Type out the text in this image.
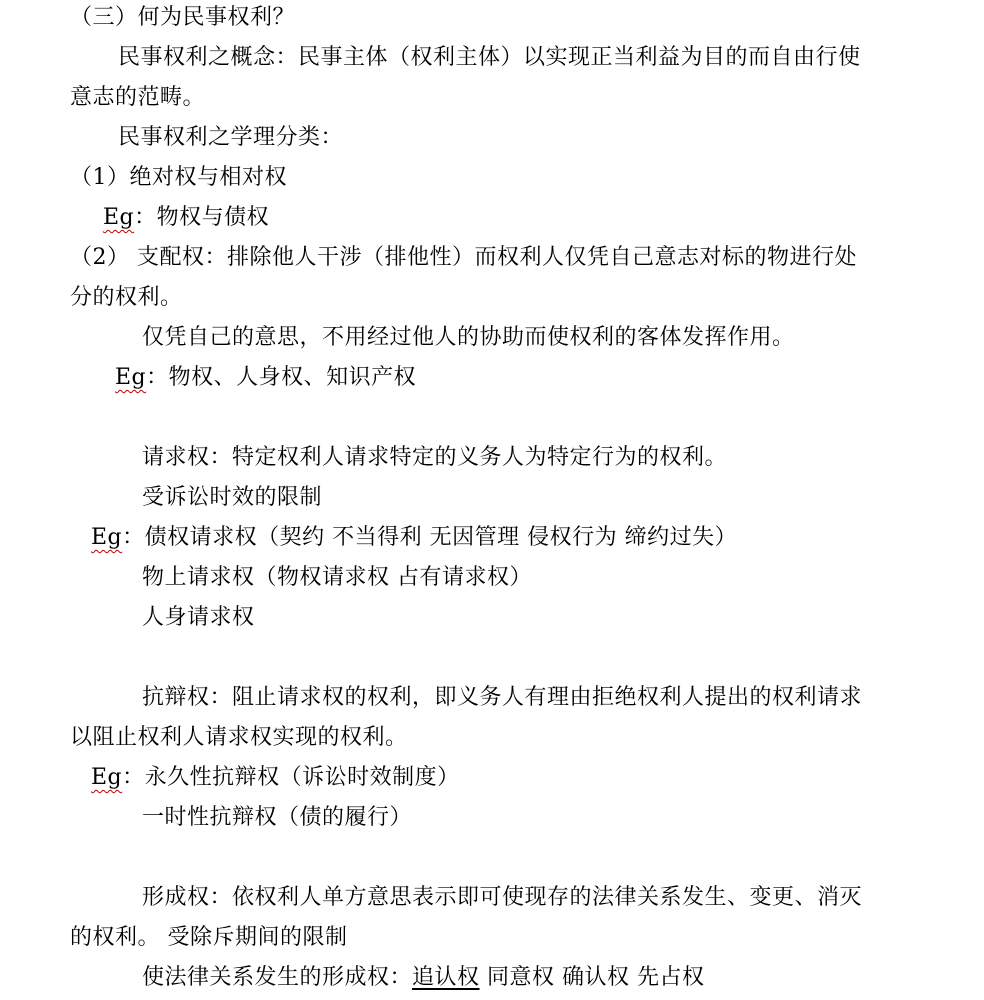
（三）何为民事权利？
民事权利之概念：民事主体（权利主体）以实现正当利益为目的而自由行使
意志的范畴。
民事权利之学理分类：
（1）绝对权与相对权
Eg：物权与债权
（2） 支配权：排除他人干涉（排他性）而权利人仅凭自己意志对标的物进行处
分的权利。
仅凭自己的意思，不用经过他人的协助而使权利的客体发挥作用。
Eg：物权、人身权、知识产权
请求权：特定权利人请求特定的义务人为特定行为的权利。
受诉讼时效的限制
Eg：债权请求权（契约 不当得利 无因管理 侵权行为 缔约过失）
物上请求权（物权请求权 占有请求权）
人身请求权
抗辩权：阻止请求权的权利，即义务人有理由拒绝权利人提出的权利请求
以阻止权利人请求权实现的权利。
Eg：永久性抗辩权（诉讼时效制度）
一时性抗辩权（债的履行）
形成权：依权利人单方意思表示即可使现存的法律关系发生、变更、消灭
的权利。 受除斥期间的限制
使法律关系发生的形成权：追认权 同意权 确认权 先占权
